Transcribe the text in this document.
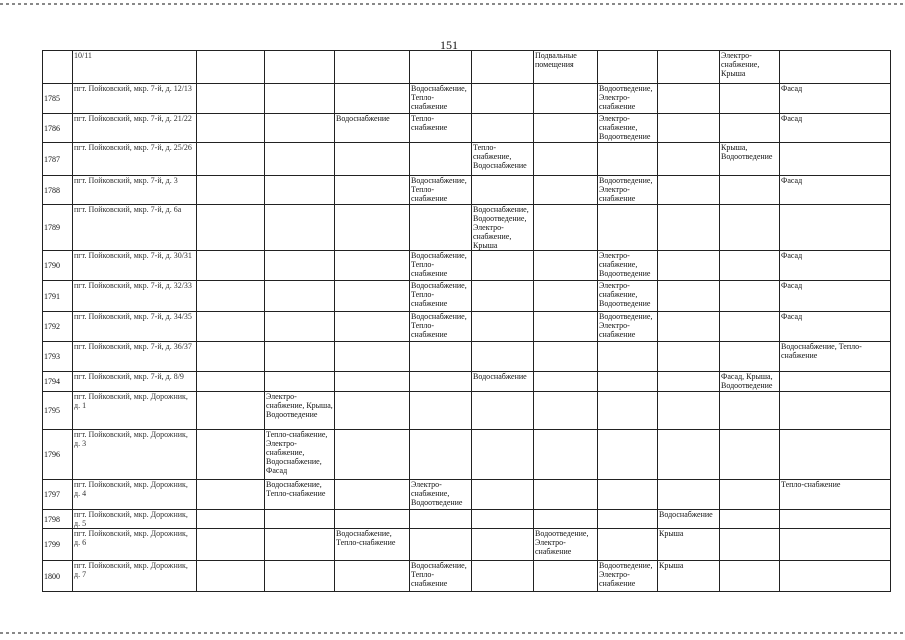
151
	10/11						Подвальные помещения			Электро-снабжение, Крыша		
1785	пгт. Пойковский, мкр. 7-й, д. 12/13				Водоснабжение, Тепло-снабжение			Водоотведение, Электро-снабжение			Фасад	
1786	пгт. Пойковский, мкр. 7-й, д. 21/22			Водоснабжение	Тепло-снабжение			Электро-снабжение, Водоотведение			Фасад	
1787	пгт. Пойковский, мкр. 7-й, д. 25/26					Тепло-снабжение, Водоснабжение				Крыша, Водоотведение		
1788	пгт. Пойковский, мкр. 7-й, д. 3				Водоснабжение, Тепло-снабжение			Водоотведение, Электро-снабжение			Фасад	
1789	пгт. Пойковский, мкр. 7-й, д. 6а					Водоснабжение, Водоотведение, Электро-снабжение, Крыша						
1790	пгт. Пойковский, мкр. 7-й, д. 30/31				Водоснабжение, Тепло-снабжение			Электро-снабжение, Водоотведение			Фасад	
1791	пгт. Пойковский, мкр. 7-й, д. 32/33				Водоснабжение, Тепло-снабжение			Электро-снабжение, Водоотведение			Фасад	
1792	пгт. Пойковский, мкр. 7-й, д. 34/35				Водоснабжение, Тепло-снабжение			Водоотведение, Электро-снабжение			Фасад	
1793	пгт. Пойковский, мкр. 7-й, д. 36/37										Водоснабжение, Тепло-снабжение	
1794	пгт. Пойковский, мкр. 7-й, д. 8/9					Водоснабжение				Фасад, Крыша, Водоотведение		
1795	пгт. Пойковский, мкр. Дорожник, д. 1		Электро-снабжение, Крыша, Водоотведение									
1796	пгт. Пойковский, мкр. Дорожник, д. 3		Тепло-снабжение, Электро-снабжение, Водоснабжение, Фасад									
1797	пгт. Пойковский, мкр. Дорожник, д. 4		Водоснабжение, Тепло-снабжение		Электро-снабжение, Водоотведение						Тепло-снабжение	
1798	пгт. Пойковский, мкр. Дорожник, д. 5								Водоснабжение			
1799	пгт. Пойковский, мкр. Дорожник, д. 6			Водоснабжение, Тепло-снабжение			Водоотведение, Электро-снабжение		Крыша			
1800	пгт. Пойковский, мкр. Дорожник, д. 7				Водоснабжение, Тепло-снабжение			Водоотведение, Электро-снабжение	Крыша			
